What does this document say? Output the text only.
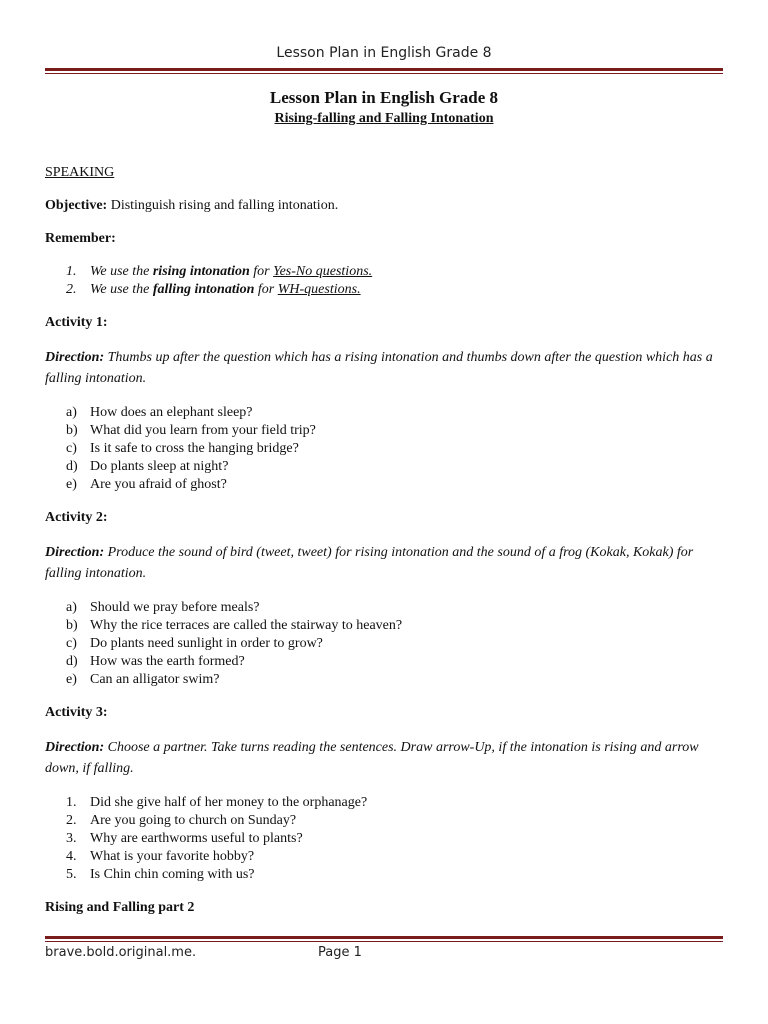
Lesson Plan in English Grade 8
Lesson Plan in English Grade 8
Rising-falling and Falling Intonation

SPEAKING

Objective: Distinguish rising and falling intonation.

Remember:

1. We use the rising intonation for Yes-No questions.
2. We use the falling intonation for WH-questions.

Activity 1:

Direction: Thumbs up after the question which has a rising intonation and thumbs down after the question which has a falling intonation.

a) How does an elephant sleep?
b) What did you learn from your field trip?
c) Is it safe to cross the hanging bridge?
d) Do plants sleep at night?
e) Are you afraid of ghost?

Activity 2:

Direction: Produce the sound of bird (tweet, tweet) for rising intonation and the sound of a frog (Kokak, Kokak) for falling intonation.

a) Should we pray before meals?
b) Why the rice terraces are called the stairway to heaven?
c) Do plants need sunlight in order to grow?
d) How was the earth formed?
e) Can an alligator swim?

Activity 3:

Direction: Choose a partner. Take turns reading the sentences. Draw arrow-Up, if the intonation is rising and arrow down, if falling.

1. Did she give half of her money to the orphanage?
2. Are you going to church on Sunday?
3. Why are earthworms useful to plants?
4. What is your favorite hobby?
5. Is Chin chin coming with us?

Rising and Falling part 2

brave.bold.original.me.	Page 1
